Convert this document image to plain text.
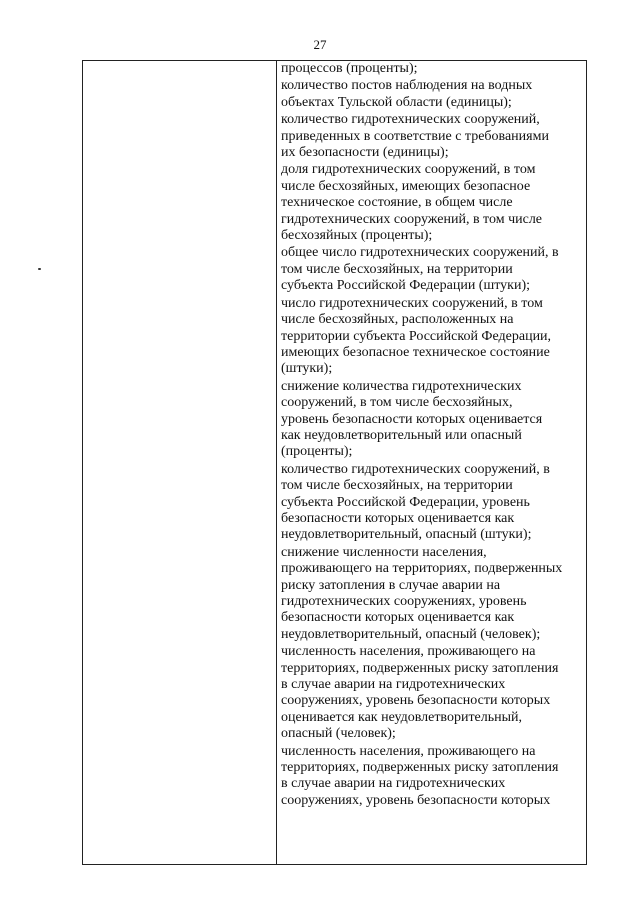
27

процессов (проценты);
количество постов наблюдения на водных
объектах Тульской области (единицы);
количество гидротехнических сооружений,
приведенных в соответствие с требованиями
их безопасности (единицы);
доля гидротехнических сооружений, в том
числе бесхозяйных, имеющих безопасное
техническое состояние, в общем числе
гидротехнических сооружений, в том числе
бесхозяйных (проценты);
общее число гидротехнических сооружений, в
том числе бесхозяйных, на территории
субъекта Российской Федерации (штуки);
число гидротехнических сооружений, в том
числе бесхозяйных, расположенных на
территории субъекта Российской Федерации,
имеющих безопасное техническое состояние
(штуки);
снижение количества гидротехнических
сооружений, в том числе бесхозяйных,
уровень безопасности которых оценивается
как неудовлетворительный или опасный
(проценты);
количество гидротехнических сооружений, в
том числе бесхозяйных, на территории
субъекта Российской Федерации, уровень
безопасности которых оценивается как
неудовлетворительный, опасный (штуки);
снижение численности населения,
проживающего на территориях, подверженных
риску затопления в случае аварии на
гидротехнических сооружениях, уровень
безопасности которых оценивается как
неудовлетворительный, опасный (человек);
численность населения, проживающего на
территориях, подверженных риску затопления
в случае аварии на гидротехнических
сооружениях, уровень безопасности которых
оценивается как неудовлетворительный,
опасный (человек);
численность населения, проживающего на
территориях, подверженных риску затопления
в случае аварии на гидротехнических
сооружениях, уровень безопасности которых
